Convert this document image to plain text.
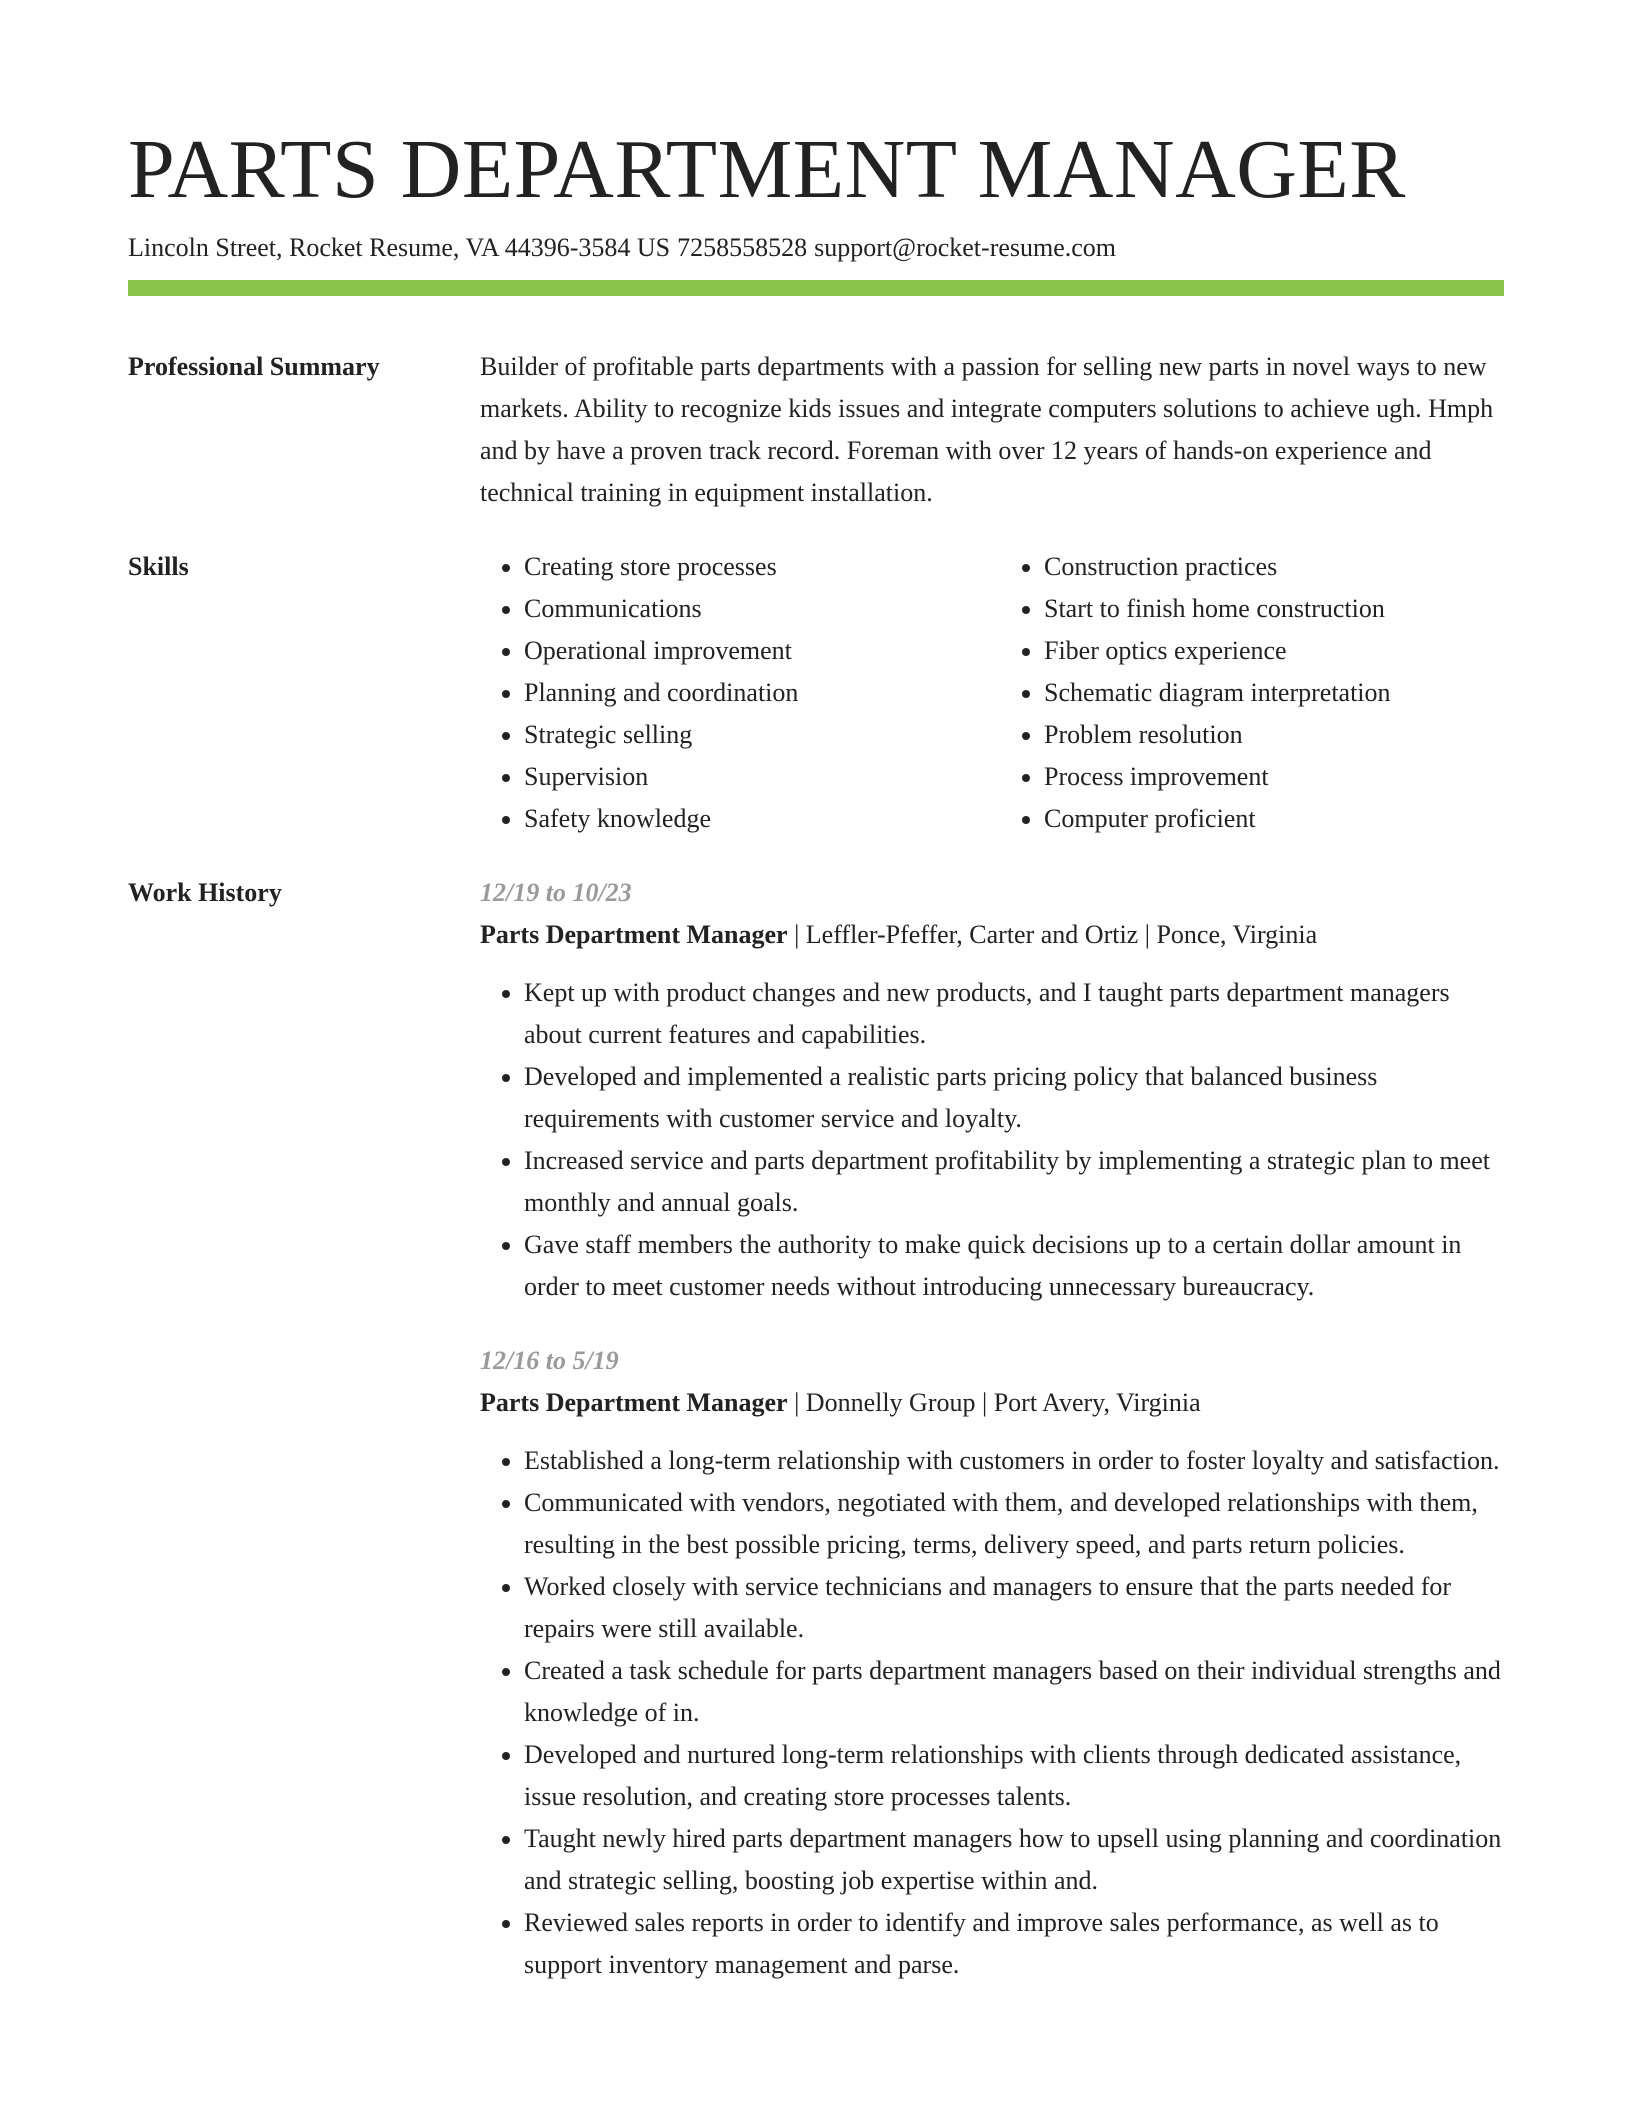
PARTS DEPARTMENT MANAGER
Lincoln Street, Rocket Resume, VA 44396-3584 US 7258558528 support@rocket-resume.com
Professional Summary	Builder of profitable parts departments with a passion for selling new parts in novel ways to new markets. Ability to recognize kids issues and integrate computers solutions to achieve ugh. Hmph and by have a proven track record. Foreman with over 12 years of hands-on experience and technical training in equipment installation.
Skills
•	Creating store processes
• Communications
• Operational improvement
• Planning and coordination
• Strategic selling
• Supervision
• Safety knowledge
• Construction practices
• Start to finish home construction
• Fiber optics experience
• Schematic diagram interpretation
• Problem resolution
• Process improvement
• Computer proficient
Work History	12/19 to 10/23
Parts Department Manager | Leffler-Pfeffer, Carter and Ortiz | Ponce, Virginia
• Kept up with product changes and new products, and I taught parts department managers about current features and capabilities.
• Developed and implemented a realistic parts pricing policy that balanced business requirements with customer service and loyalty.
• Increased service and parts department profitability by implementing a strategic plan to meet monthly and annual goals.
• Gave staff members the authority to make quick decisions up to a certain dollar amount in order to meet customer needs without introducing unnecessary bureaucracy.
12/16 to 5/19
Parts Department Manager | Donnelly Group | Port Avery, Virginia
• Established a long-term relationship with customers in order to foster loyalty and satisfaction.
• Communicated with vendors, negotiated with them, and developed relationships with them, resulting in the best possible pricing, terms, delivery speed, and parts return policies.
• Worked closely with service technicians and managers to ensure that the parts needed for repairs were still available.
• Created a task schedule for parts department managers based on their individual strengths and knowledge of in.
• Developed and nurtured long-term relationships with clients through dedicated assistance, issue resolution, and creating store processes talents.
• Taught newly hired parts department managers how to upsell using planning and coordination and strategic selling, boosting job expertise within and.
• Reviewed sales reports in order to identify and improve sales performance, as well as to support inventory management and parse.
